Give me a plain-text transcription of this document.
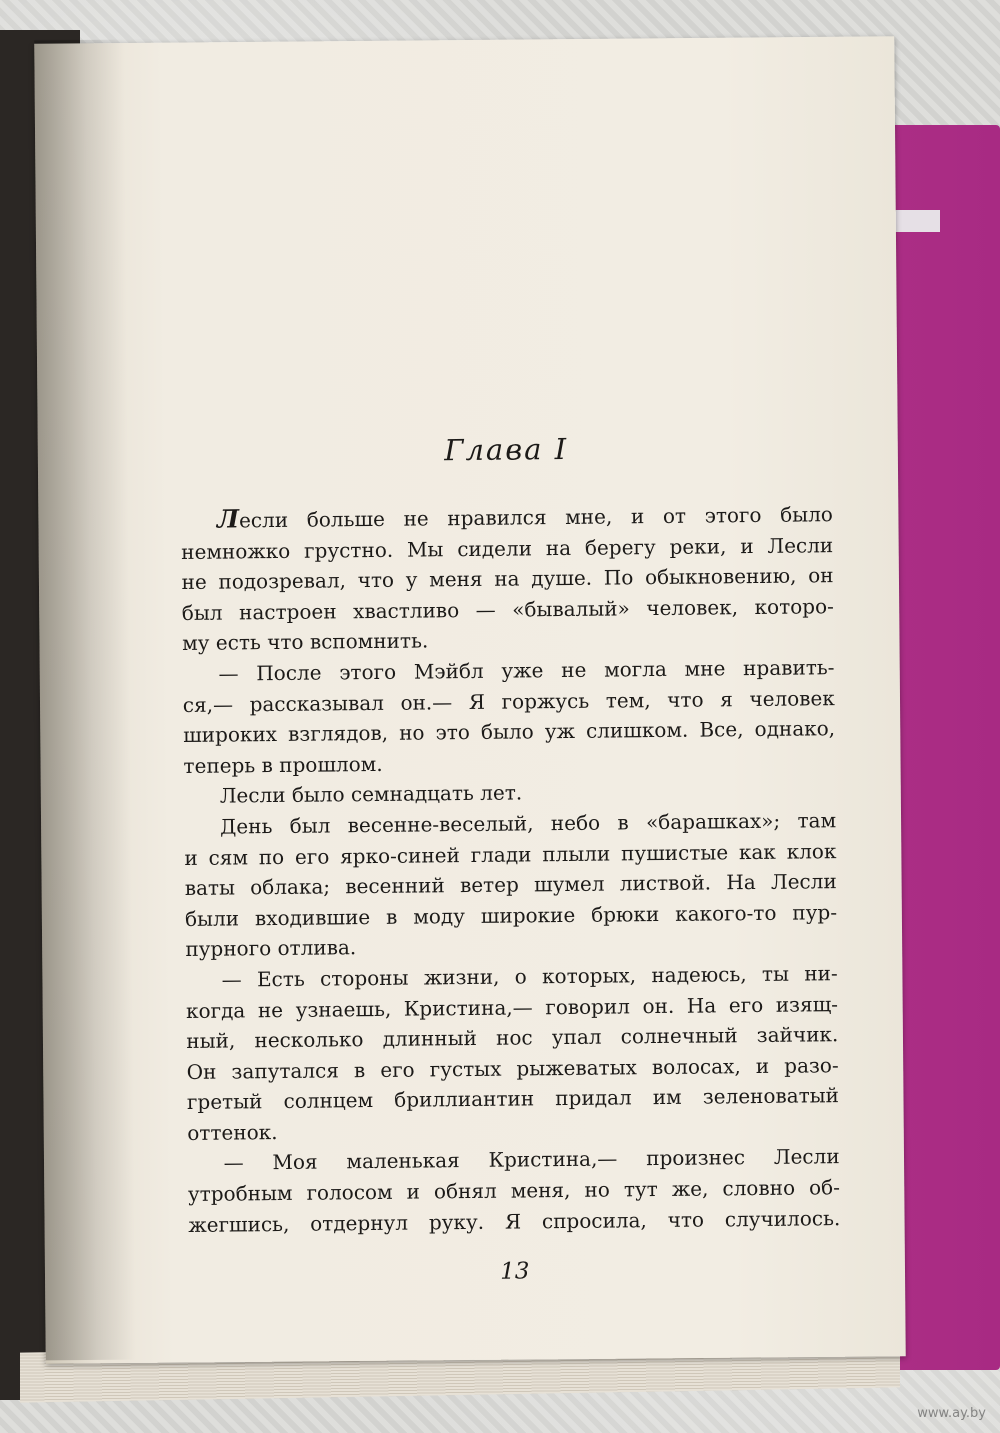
Глава I
Лесли больше не нравился мне, и от этого было
немножко грустно. Мы сидели на берегу реки, и Лесли
не подозревал, что у меня на душе. По обыкновению, он
был настроен хвастливо — «бывалый» человек, которо-
му есть что вспомнить.
— После этого Мэйбл уже не могла мне нравить-
ся,— рассказывал он.— Я горжусь тем, что я человек
широких взглядов, но это было уж слишком. Все, однако,
теперь в прошлом.
Лесли было семнадцать лет.
День был весенне-веселый, небо в «барашках»; там
и сям по его ярко-синей глади плыли пушистые как клок
ваты облака; весенний ветер шумел листвой. На Лесли
были входившие в моду широкие брюки какого-то пур-
пурного отлива.
— Есть стороны жизни, о которых, надеюсь, ты ни-
когда не узнаешь, Кристина,— говорил он. На его изящ-
ный, несколько длинный нос упал солнечный зайчик.
Он запутался в его густых рыжеватых волосах, и разо-
гретый солнцем бриллиантин придал им зеленоватый
оттенок.
— Моя маленькая Кристина,— произнес Лесли
утробным голосом и обнял меня, но тут же, словно об-
жегшись, отдернул руку. Я спросила, что случилось.
13
www.ay.by
